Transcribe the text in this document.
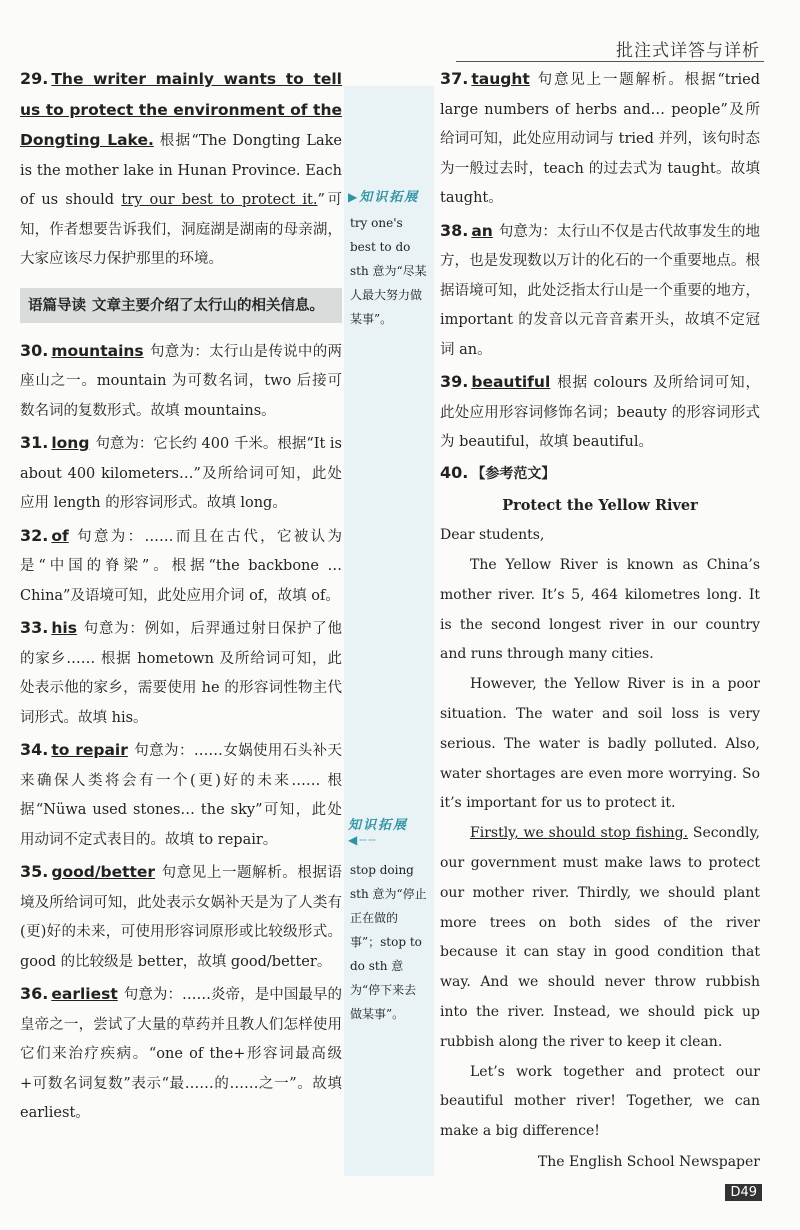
批注式详答与详析
▶知识拓展
try one's best to do sth 意为“尽某人最大努力做某事”。
知识拓展 ◀┈┈
stop doing sth 意为“停止正在做的事”；stop to do sth 意为“停下来去做某事”。

29. The writer mainly wants to tell us to protect the environment of the Dongting Lake. 根据“The Dongting Lake is the mother lake in Hunan Province. Each of us should try our best to protect it.”可知，作者想要告诉我们，洞庭湖是湖南的母亲湖，大家应该尽力保护那里的环境。

语篇导读 文章主要介绍了太行山的相关信息。

30. mountains 句意为：太行山是传说中的两座山之一。mountain 为可数名词，two 后接可数名词的复数形式。故填 mountains。

31. long 句意为：它长约 400 千米。根据“It is about 400 kilometers…”及所给词可知，此处应用 length 的形容词形式。故填 long。

32. of 句意为：……而且在古代，它被认为是“中国的脊梁”。根据“the backbone … China”及语境可知，此处应用介词 of，故填 of。

33. his 句意为：例如，后羿通过射日保护了他的家乡…… 根据 hometown 及所给词可知，此处表示他的家乡，需要使用 he 的形容词性物主代词形式。故填 his。

34. to repair 句意为：……女娲使用石头补天来确保人类将会有一个(更)好的未来…… 根据“Nüwa used stones… the sky”可知，此处用动词不定式表目的。故填 to repair。

35. good/better 句意见上一题解析。根据语境及所给词可知，此处表示女娲补天是为了人类有(更)好的未来，可使用形容词原形或比较级形式。good 的比较级是 better，故填 good/better。

36. earliest 句意为：……炎帝，是中国最早的皇帝之一，尝试了大量的草药并且教人们怎样使用它们来治疗疾病。“one of the+形容词最高级+可数名词复数”表示“最……的……之一”。故填 earliest。

37. taught 句意见上一题解析。根据“tried large numbers of herbs and… people”及所给词可知，此处应用动词与 tried 并列，该句时态为一般过去时，teach 的过去式为 taught。故填 taught。

38. an 句意为：太行山不仅是古代故事发生的地方，也是发现数以万计的化石的一个重要地点。根据语境可知，此处泛指太行山是一个重要的地方，important 的发音以元音音素开头，故填不定冠词 an。

39. beautiful 根据 colours 及所给词可知，此处应用形容词修饰名词；beauty 的形容词形式为 beautiful，故填 beautiful。

40. 【参考范文】

Protect the Yellow River

Dear students,

The Yellow River is known as China’s mother river. It’s 5, 464 kilometres long. It is the second longest river in our country and runs through many cities.

However, the Yellow River is in a poor situation. The water and soil loss is very serious. The water is badly polluted. Also, water shortages are even more worrying. So it’s important for us to protect it.

Firstly, we should stop fishing. Secondly, our government must make laws to protect our mother river. Thirdly, we should plant more trees on both sides of the river because it can stay in good condition that way. And we should never throw rubbish into the river. Instead, we should pick up rubbish along the river to keep it clean.

Let’s work together and protect our beautiful mother river! Together, we can make a big difference!

The English School Newspaper
D49
